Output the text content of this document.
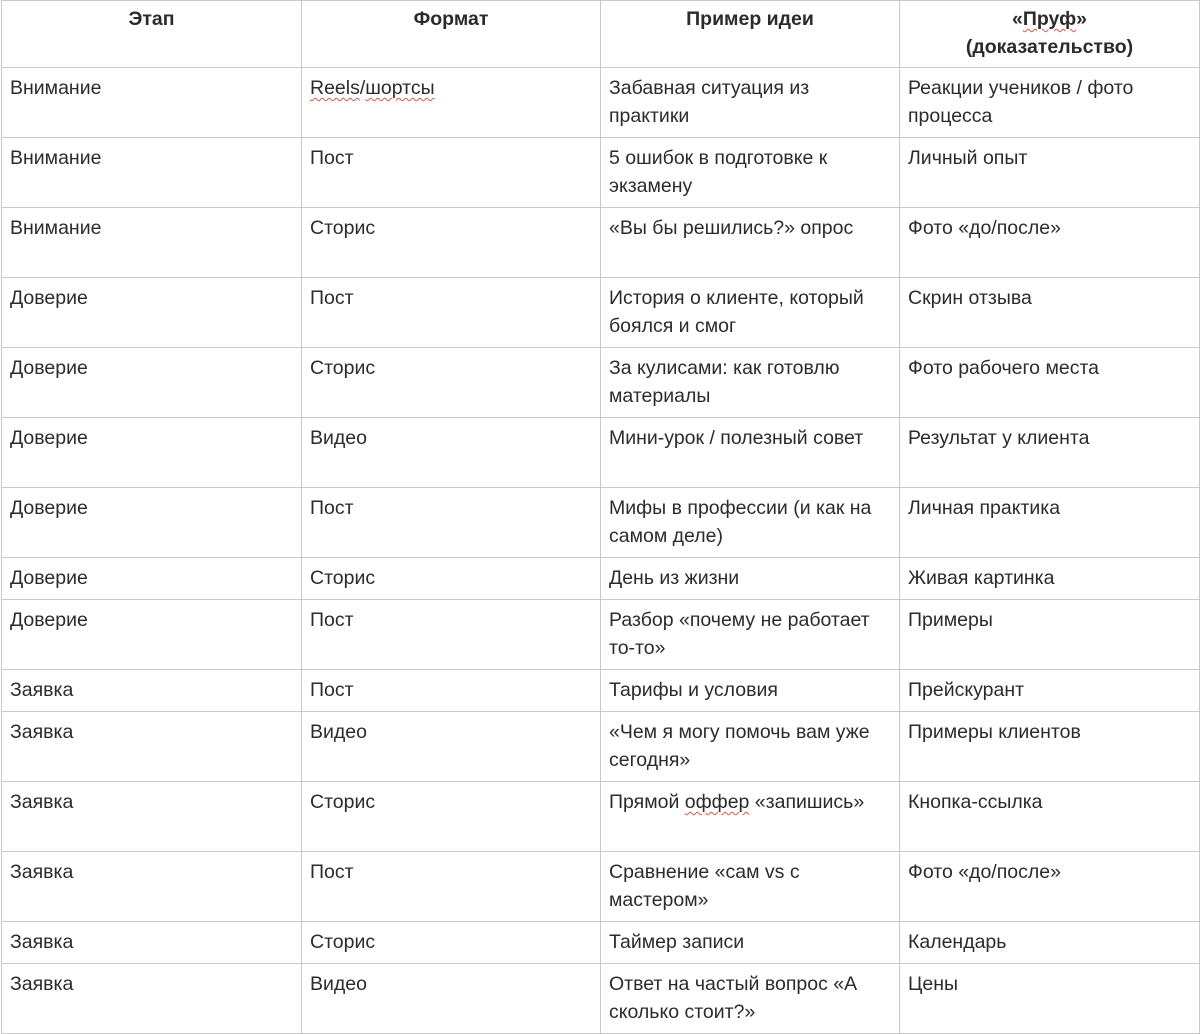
Этап	Формат	Пример идеи	«Пруф»
(доказательство)

Внимание	Reels/шортсы	Забавная ситуация из практики	Реакции учеников / фото процесса
Внимание	Пост	5 ошибок в подготовке к экзамену	Личный опыт
Внимание	Сторис	«Вы бы решились?» опрос	Фото «до/после»
Доверие	Пост	История о клиенте, который боялся и смог	Скрин отзыва
Доверие	Сторис	За кулисами: как готовлю материалы	Фото рабочего места
Доверие	Видео	Мини-урок / полезный совет	Результат у клиента
Доверие	Пост	Мифы в профессии (и как на самом деле)	Личная практика
Доверие	Сторис	День из жизни	Живая картинка
Доверие	Пост	Разбор «почему не работает то-то»	Примеры
Заявка	Пост	Тарифы и условия	Прейскурант
Заявка	Видео	«Чем я могу помочь вам уже сегодня»	Примеры клиентов
Заявка	Сторис	Прямой оффер «запишись»	Кнопка-ссылка
Заявка	Пост	Сравнение «сам vs с мастером»	Фото «до/после»
Заявка	Сторис	Таймер записи	Календарь
Заявка	Видео	Ответ на частый вопрос «А сколько стоит?»	Цены
